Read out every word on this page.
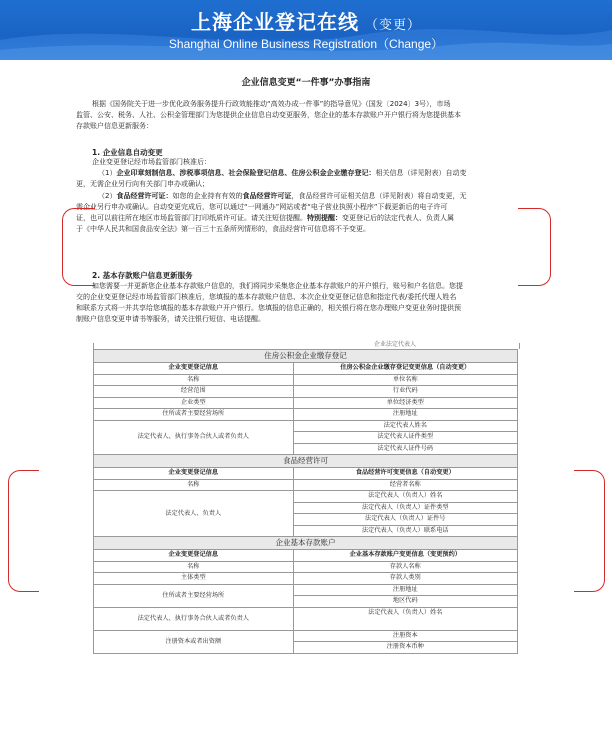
上海企业登记在线 （变更）
Shanghai Online Business Registration（Change）
企业信息变更“一件事”办事指南
根据《国务院关于进一步优化政务服务提升行政效能推动“高效办成一件事”的指导意见》（国发〔2024〕3号），市场
监管、公安、税务、人社、公积金管理部门为您提供企业信息自动变更服务，您企业的基本存款账户开户银行将为您提供基本
存款账户信息更新服务：
1. 企业信息自动变更
企业变更登记经市场监管部门核准后：
（1）企业印章刻制信息、涉税事项信息、社会保险登记信息、住房公积金企业缴存登记：相关信息（详见附表）自动变
更，无需企业另行向有关部门申办或确认；
（2）食品经营许可证：如您的企业持有有效的食品经营许可证，食品经营许可证相关信息（详见附表）将自动变更，无
需企业另行申办或确认。自动变更完成后，您可以通过“一网通办”网站或者“电子营业执照小程序”下载更新后的电子许可
证，也可以前往所在地区市场监管部门打印纸质许可证。请关注短信提醒。特别提醒：变更登记后的法定代表人、负责人属
于《中华人民共和国食品安全法》第一百三十五条所列情形的，食品经营许可信息将不予变更。
2. 基本存款账户信息更新服务
如您需要一并更新您企业基本存款账户信息的，我们将同步采集您企业基本存款账户的开户银行，账号和户名信息。您提
交的企业变更登记经市场监管部门核准后，您填报的基本存款账户信息、本次企业变更登记信息和指定代表/委托代理人姓名
和联系方式将一并共享给您填报的基本存款账户开户银行。您填报的信息正确的，相关银行将在您办理账户变更业务时提供预
制账户信息变更申请书等服务，请关注银行短信、电话提醒。
企业法定代表人
住房公积金企业缴存登记	
企业变更登记信息	住房公积金企业缴存登记变更信息（自动变更）
名称	单位名称
经营范围	行业代码
企业类型	单位经济类型
住所或者主要经营场所	注册地址
法定代表人、执行事务合伙人或者负责人	法定代表人姓名
	法定代表人证件类型
	法定代表人证件号码
食品经营许可	
企业变更登记信息	食品经营许可变更信息（自动变更）
名称	经营者名称
法定代表人、负责人	法定代表人（负责人）姓名
	法定代表人（负责人）证件类型
	法定代表人（负责人）证件号
	法定代表人（负责人）联系电话
企业基本存款账户	
企业变更登记信息	企业基本存款账户变更信息（变更预约）
名称	存款人名称
主体类型	存款人类别
住所或者主要经营场所	注册地址
	地区代码
法定代表人、执行事务合伙人或者负责人	法定代表人（负责人）姓名
注册资本或者出资额	注册资本
	注册资本币种
